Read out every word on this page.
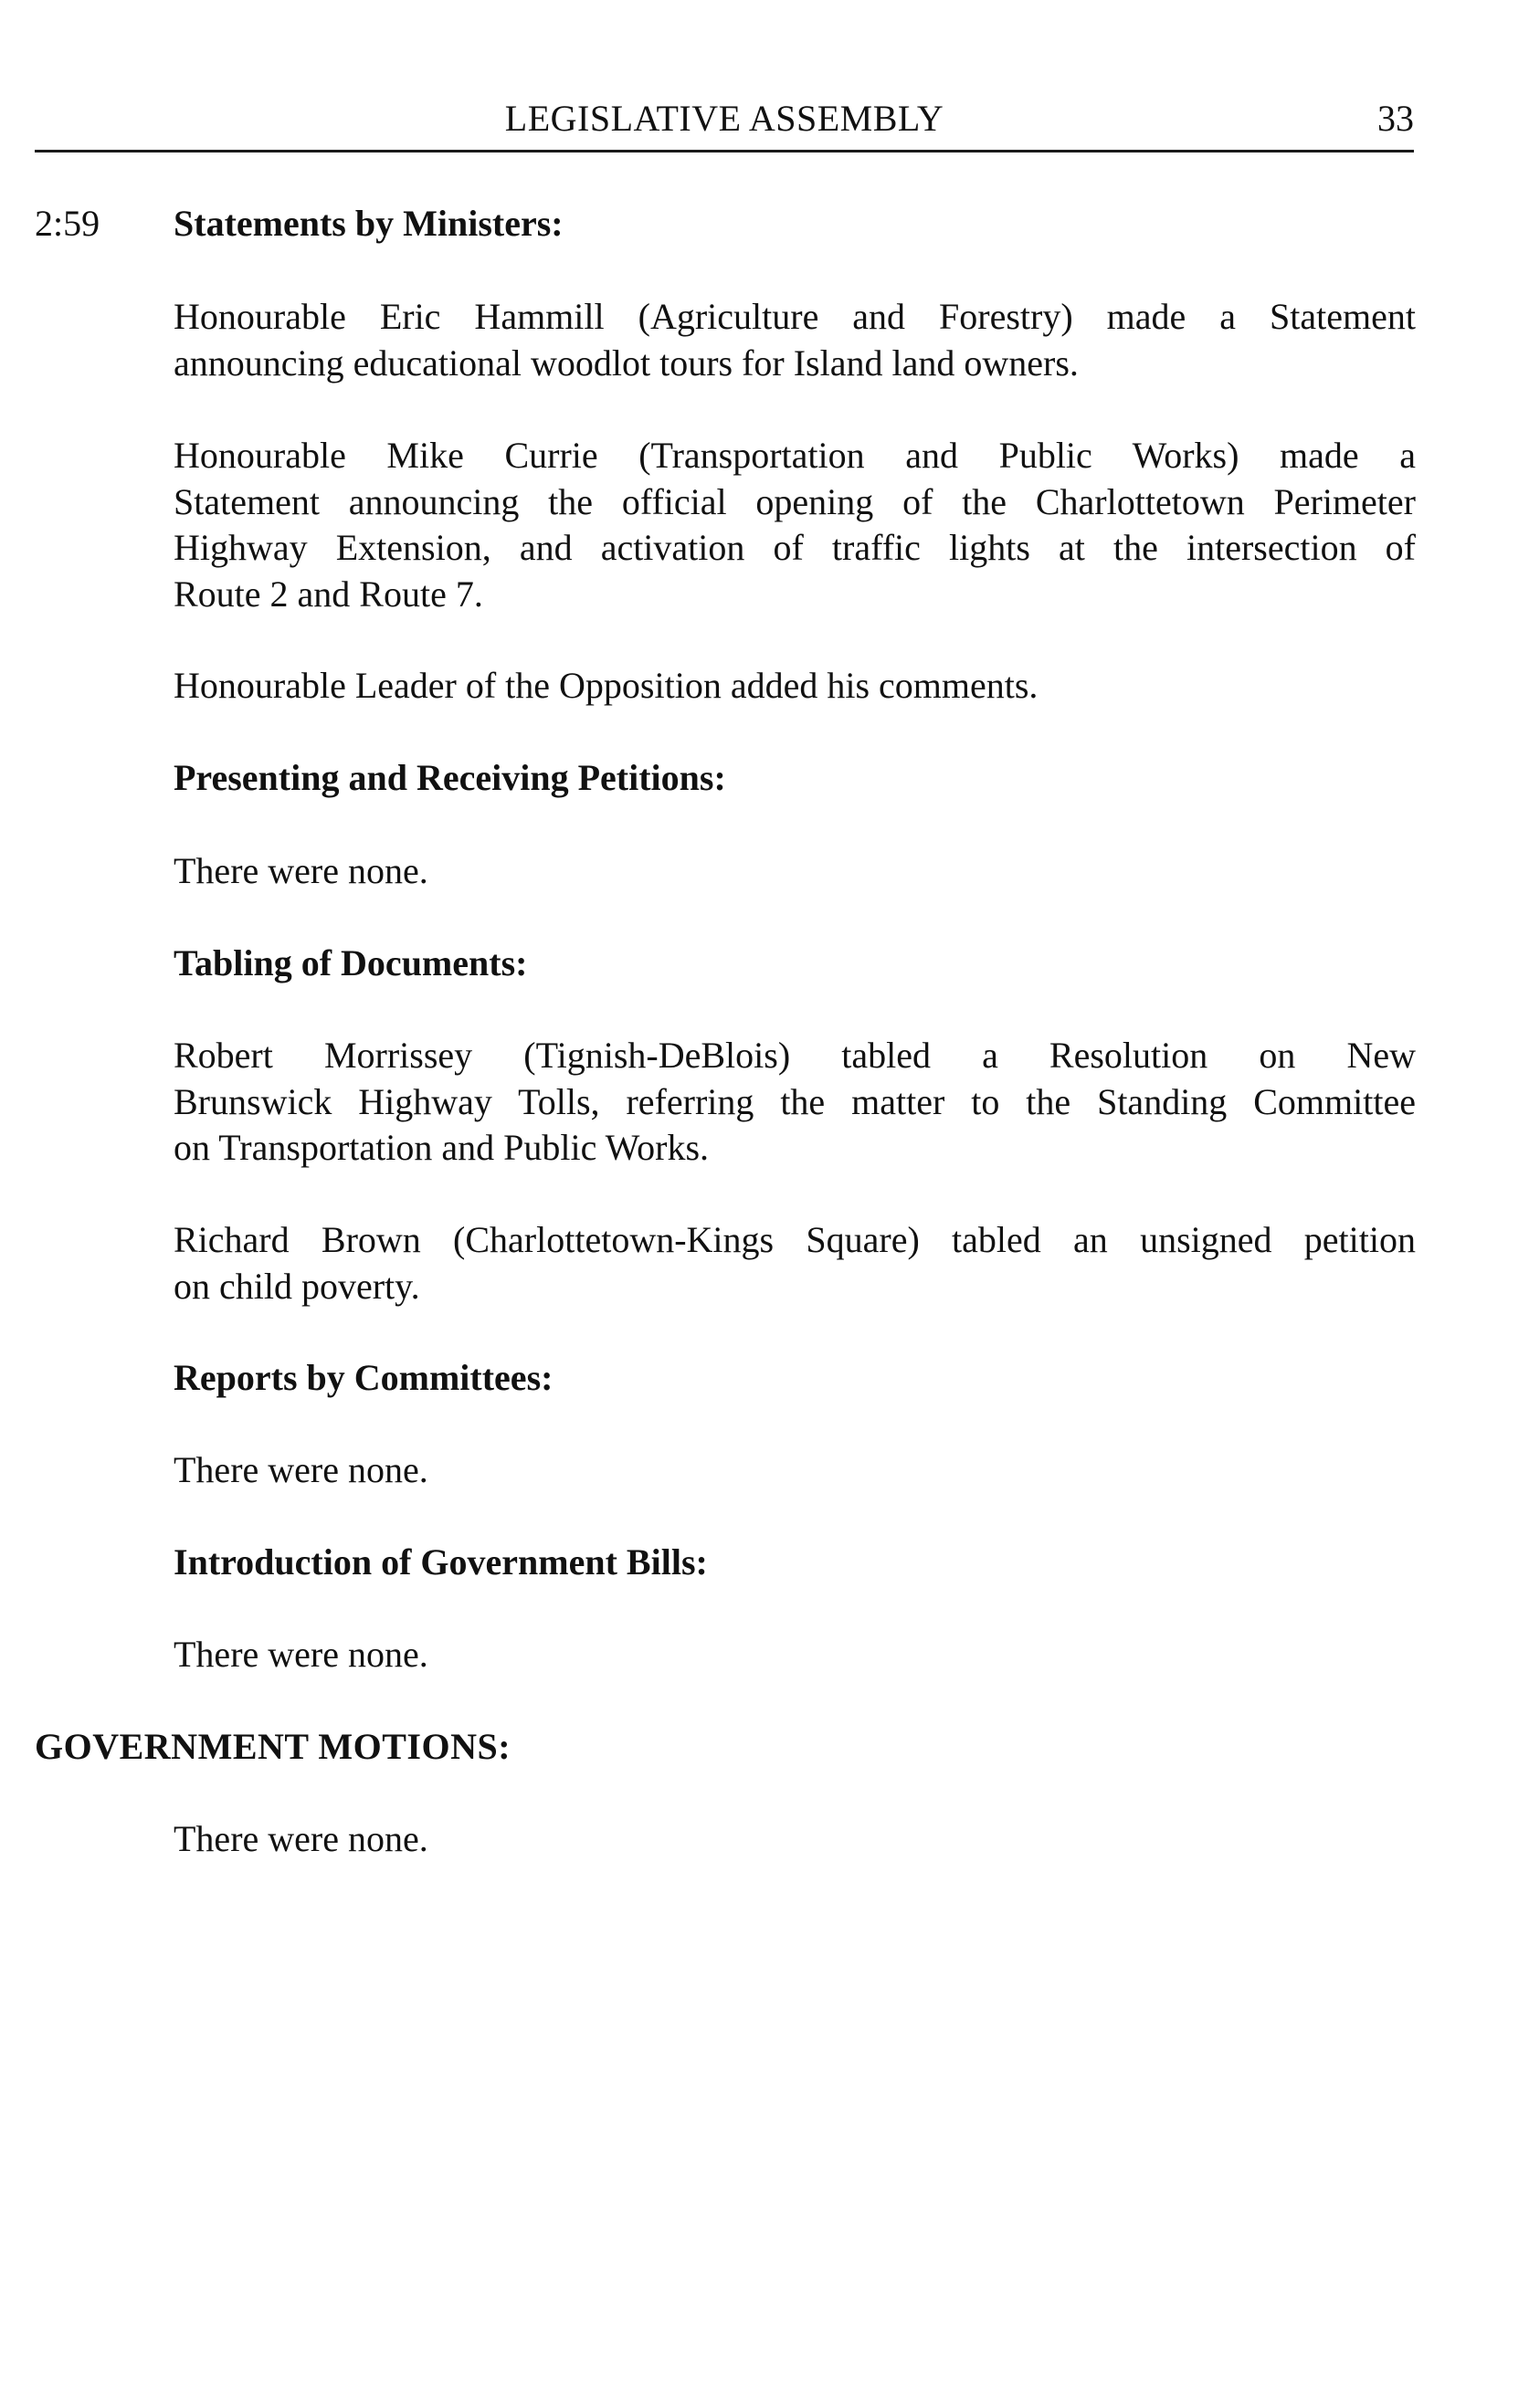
LEGISLATIVE ASSEMBLY	33
2:59 Statements by Ministers:
Honourable Eric Hammill (Agriculture and Forestry) made a Statement
announcing educational woodlot tours for Island land owners.
Honourable Mike Currie (Transportation and Public Works) made a
Statement announcing the official opening of the Charlottetown Perimeter
Highway Extension, and activation of traffic lights at the intersection of
Route 2 and Route 7.
Honourable Leader of the Opposition added his comments.
Presenting and Receiving Petitions:
There were none.
Tabling of Documents:
Robert Morrissey (Tignish-DeBlois) tabled a Resolution on New
Brunswick Highway Tolls, referring the matter to the Standing Committee
on Transportation and Public Works.
Richard Brown (Charlottetown-Kings Square) tabled an unsigned petition
on child poverty.
Reports by Committees:
There were none.
Introduction of Government Bills:
There were none.
GOVERNMENT MOTIONS:
There were none.
